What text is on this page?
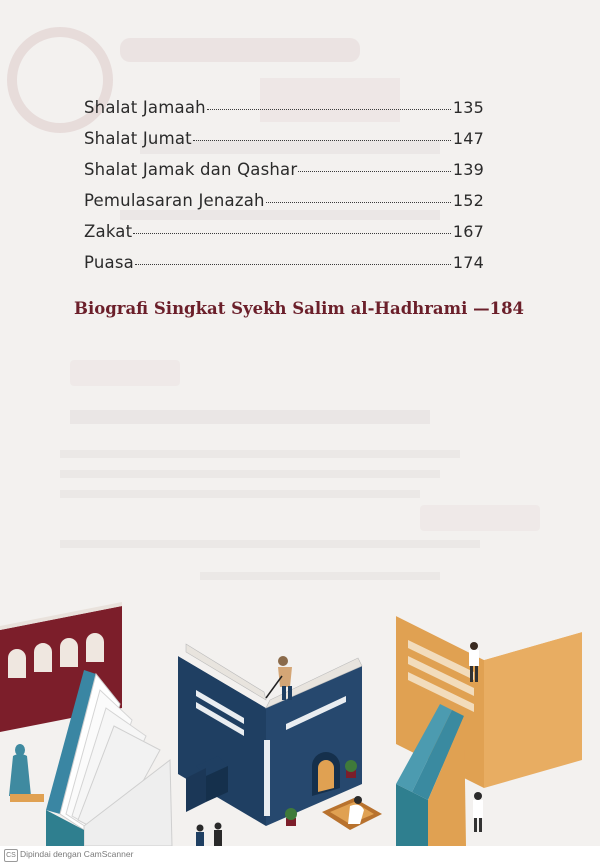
Shalat Jamaah	135
Shalat Jumat	147
Shalat Jamak dan Qashar	139
Pemulasaran Jenazah	152
Zakat	167
Puasa	174
Biografi Singkat Syekh Salim al-Hadhrami —184
CS Dipindai dengan CamScanner
